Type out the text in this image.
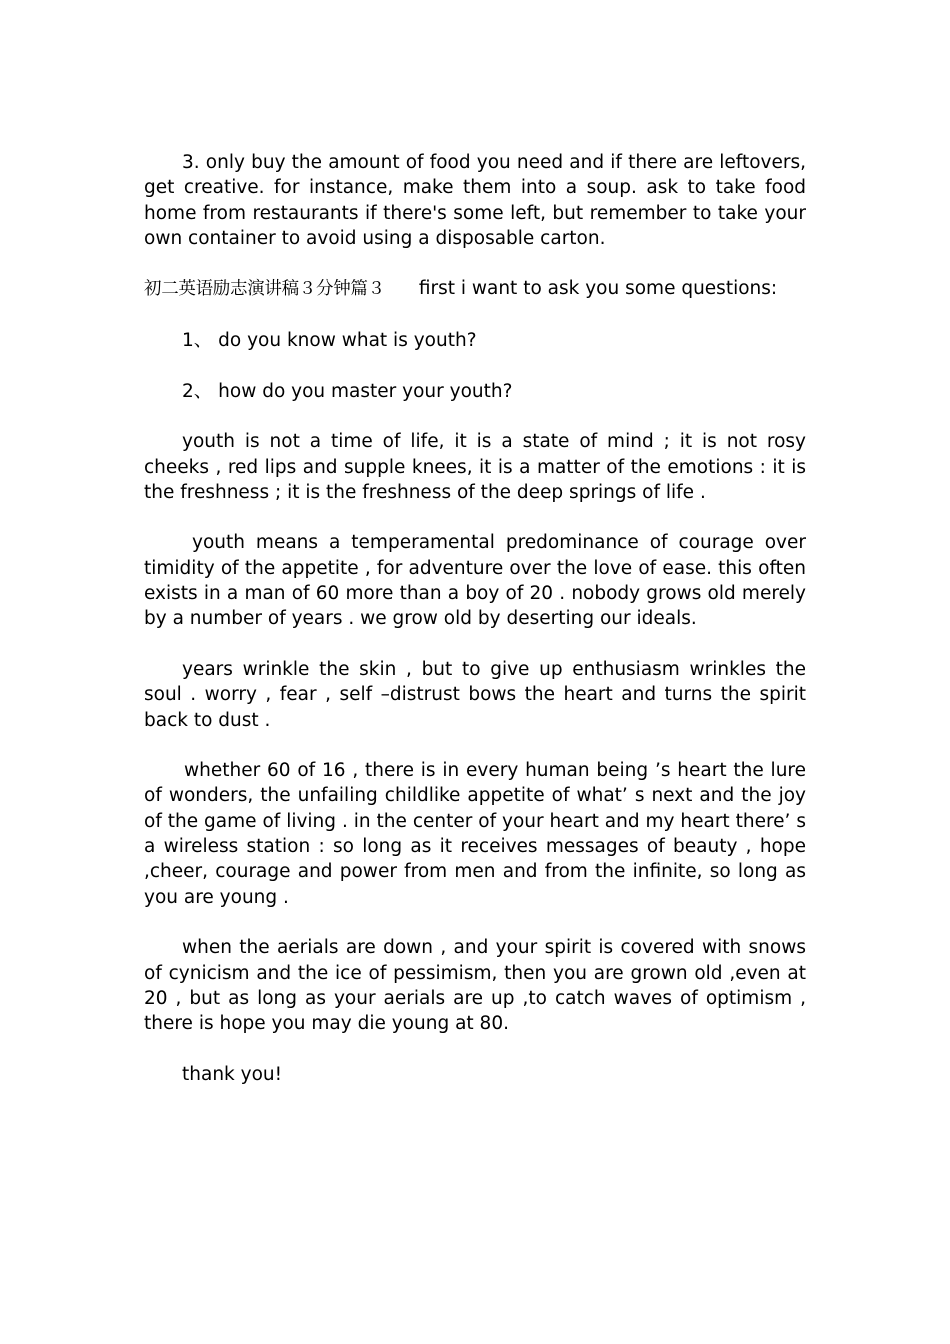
3. only buy the amount of food you need and if there are leftovers, get creative. for instance, make them into a soup. ask to take food home from restaurants if there's some left, but remember to take your own container to avoid using a disposable carton.

初二英语励志演讲稿３分钟篇３ first i want to ask you some questions:

1、 do you know what is youth?

2、 how do you master your youth?

youth is not a time of life, it is a state of mind ; it is not rosy cheeks , red lips and supple knees, it is a matter of the emotions : it is the freshness ; it is the freshness of the deep springs of life .

youth means a temperamental predominance of courage over timidity of the appetite , for adventure over the love of ease. this often exists in a man of 60 more than a boy of 20 . nobody grows old merely by a number of years . we grow old by deserting our ideals.

years wrinkle the skin , but to give up enthusiasm wrinkles the soul . worry , fear , self –distrust bows the heart and turns the spirit back to dust .

whether 60 of 16 , there is in every human being ’s heart the lure of wonders, the unfailing childlike appetite of what’ s next and the joy of the game of living . in the center of your heart and my heart there’ s a wireless station : so long as it receives messages of beauty , hope ,cheer, courage and power from men and from the infinite, so long as you are young .

when the aerials are down , and your spirit is covered with snows of cynicism and the ice of pessimism, then you are grown old ,even at 20 , but as long as your aerials are up ,to catch waves of optimism , there is hope you may die young at 80.

thank you!
